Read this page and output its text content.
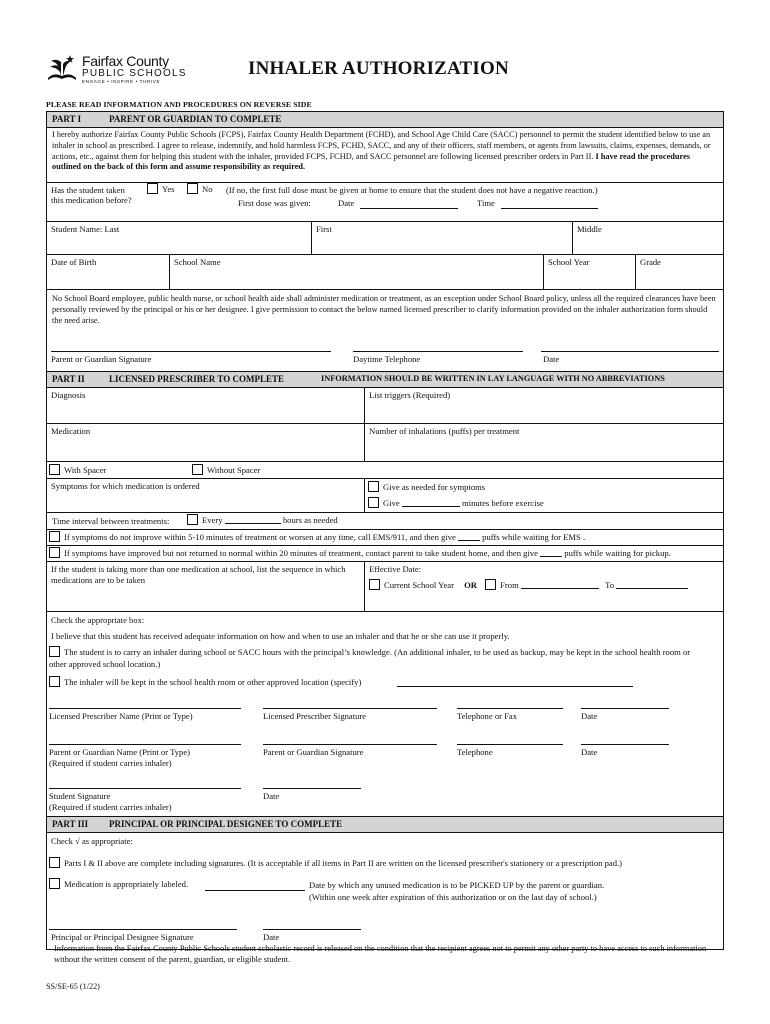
Fairfax County
PUBLIC SCHOOLS
ENGAGE • INSPIRE • THRIVE
INHALER AUTHORIZATION
PLEASE READ INFORMATION AND PROCEDURES ON REVERSE SIDE
PART I	PARENT OR GUARDIAN TO COMPLETE
I hereby authorize Fairfax County Public Schools (FCPS), Fairfax County Health Department (FCHD), and School Age Child Care (SACC) personnel to permit the student identified below to use an inhaler in school as prescribed. I agree to release, indemnify, and hold harmless FCPS, FCHD, SACC, and any of their officers, staff members, or agents from lawsuits, claims, expenses, demands, or actions, etc., against them for helping this student with the inhaler, provided FCPS, FCHD, and SACC personnel are following licensed prescriber orders in Part II. I have read the procedures outlined on the back of this form and assume responsibility as required.
Has the student taken
this medication before?
Yes	No (If no, the first full dose must be given at home to ensure that the student does not have a negative reaction.)
First dose was given:	Date	Time
Student Name: Last	First	Middle
Date of Birth	School Name	School Year	Grade
No School Board employee, public health nurse, or school health aide shall administer medication or treatment, as an exception under School Board policy, unless all the required clearances have been personally reviewed by the principal or his or her designee. I give permission to contact the below named licensed prescriber to clarify information provided on the inhaler authorization form should the need arise.
Parent or Guardian Signature	Daytime Telephone	Date
PART II	LICENSED PRESCRIBER TO COMPLETE	INFORMATION SHOULD BE WRITTEN IN LAY LANGUAGE WITH NO ABBREVIATIONS
Diagnosis	List triggers (Required)
Medication	Number of inhalations (puffs) per treatment
With Spacer	Without Spacer
Symptoms for which medication is ordered	Give as needed for symptoms
Give	minutes before exercise
Time interval between treatments:	Every	hours as needed
If symptoms do not improve within 5-10 minutes of treatment or worsen at any time, call EMS/911, and then give	puffs while waiting for EMS .
If symptoms have improved but not returned to normal within 20 minutes of treatment, contact parent to take student home, and then give	puffs while waiting for pickup.
If the student is taking more than one medication at school, list the sequence in which medications are to be taken
Effective Date:
Current School Year OR	From	To
Check the appropriate box:
I believe that this student has received adequate information on how and when to use an inhaler and that he or she can use it properly.
The student is to carry an inhaler during school or SACC hours with the principal’s knowledge. (An additional inhaler, to be used as backup, may be kept in the school health room or other approved school location.)
The inhaler will be kept in the school health room or other approved location (specify)
Licensed Prescriber Name (Print or Type)	Licensed Prescriber Signature	Telephone or Fax	Date
Parent or Guardian Name (Print or Type)
(Required if student carries inhaler)
Parent or Guardian Signature	Telephone	Date
Student Signature
(Required if student carries inhaler)
Date
PART III PRINCIPAL OR PRINCIPAL DESIGNEE TO COMPLETE
Check √ as appropriate:
Parts I & II above are complete including signatures. (It is acceptable if all items in Part II are written on the licensed prescriber's stationery or a prescription pad.)
Medication is appropriately labeled.	Date by which any unused medication is to be PICKED UP by the parent or guardian.
(Within one week after expiration of this authorization or on the last day of school.)
Principal or Principal Designee Signature	Date
Information from the Fairfax County Public Schools student scholastic record is released on the condition that the recipient agrees not to permit any other party to have access to such information without the written consent of the parent, guardian, or eligible student.
SS/SE-65 (1/22)
